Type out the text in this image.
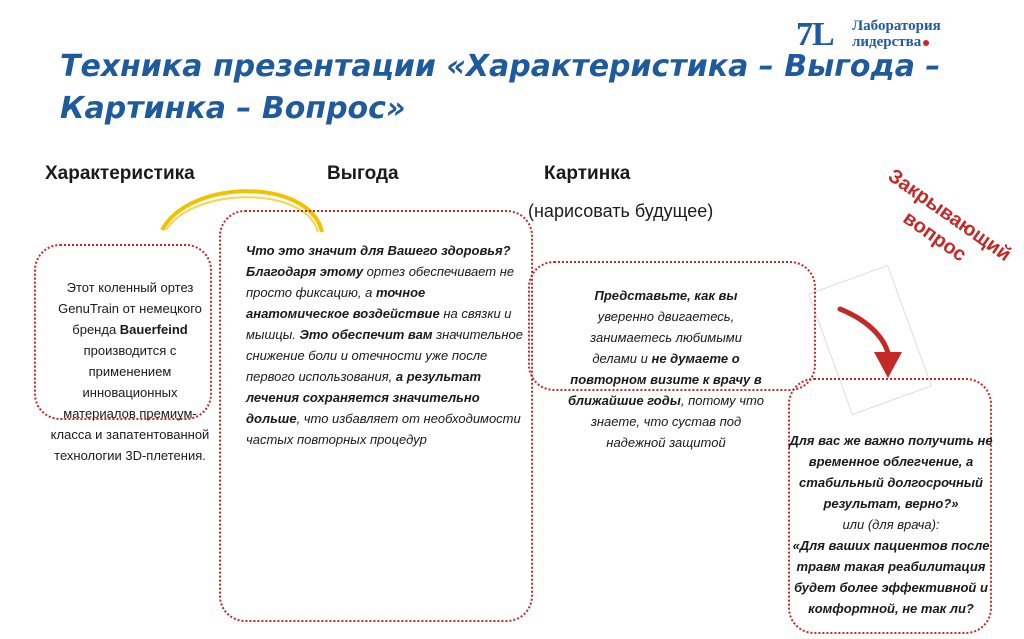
7L Лаборатория
лидерства
Техника презентации «Характеристика – Выгода – Картинка – Вопрос»
Характеристика	Выгода	Картинка
(нарисовать будущее)	Закрывающий вопрос
Этот коленный ортез GenuTrain от немецкого бренда Bauerfeind производится с применением инновационных материалов премиум-класса и запатентованной технологии 3D-плетения.
Что это значит для Вашего здоровья? Благодаря этому ортез обеспечивает не просто фиксацию, а точное анатомическое воздействие на связки и мышцы. Это обеспечит вам значительное снижение боли и отечности уже после первого использования, а результат лечения сохраняется значительно дольше, что избавляет от необходимости частых повторных процедур
Представьте, как вы уверенно двигаетесь, занимаетесь любимыми делами и не думаете о повторном визите к врачу в ближайшие годы, потому что знаете, что сустав под надежной защитой	Для вас же важно получить не временное облегчение, а стабильный долгосрочный результат, верно?»

или (для врача):

«Для ваших пациентов после травм такая реабилитация будет более эффективной и комфортной, не так ли?
